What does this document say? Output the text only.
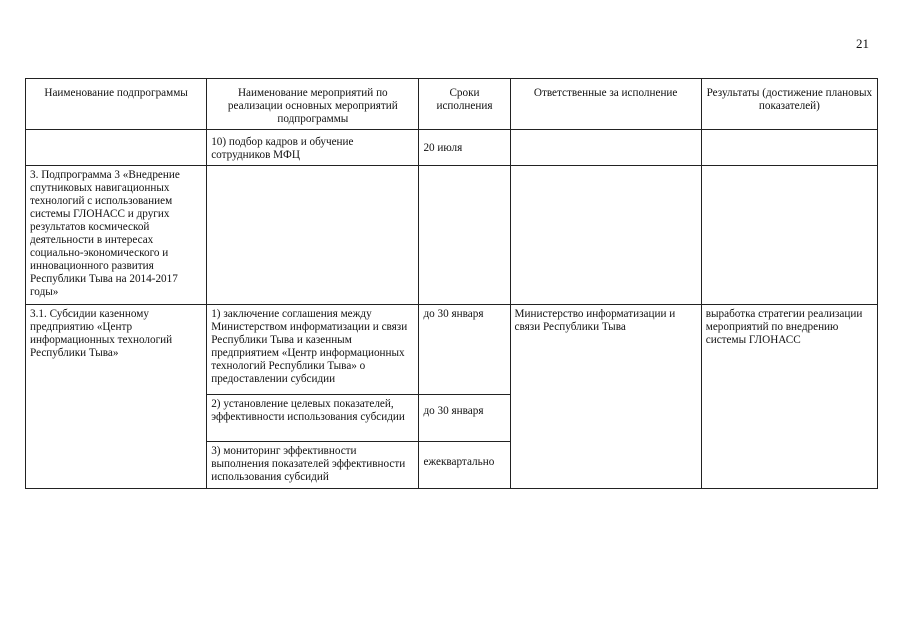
21
Наименование подпрограммы	Наименование мероприятий по реализации основных мероприятий подпрограммы	Сроки исполнения	Ответственные за исполнение	Результаты (достижение плановых показателей)
	10) подбор кадров и обучение сотрудников МФЦ	20 июля		
3. Подпрограмма 3 «Внедрение спутниковых навигационных технологий с использованием системы ГЛОНАСС и других результатов космической деятельности в интересах социально-экономического и инновационного развития Республики Тыва на 2014-2017 годы»				
3.1. Субсидии казенному предприятию «Центр информационных технологий Республики Тыва»	1) заключение соглашения между Министерством информатизации и связи Республики Тыва и казенным предприятием «Центр информационных технологий Республики Тыва» о предоставлении субсидии	до 30 января	Министерство информатизации и связи Республики Тыва	выработка стратегии реализации мероприятий по внедрению системы ГЛОНАСС
	2) установление целевых показателей, эффективности использования субсидии	до 30 января		
	3) мониторинг эффективности выполнения показателей эффективности использования субсидий	ежеквартально		
